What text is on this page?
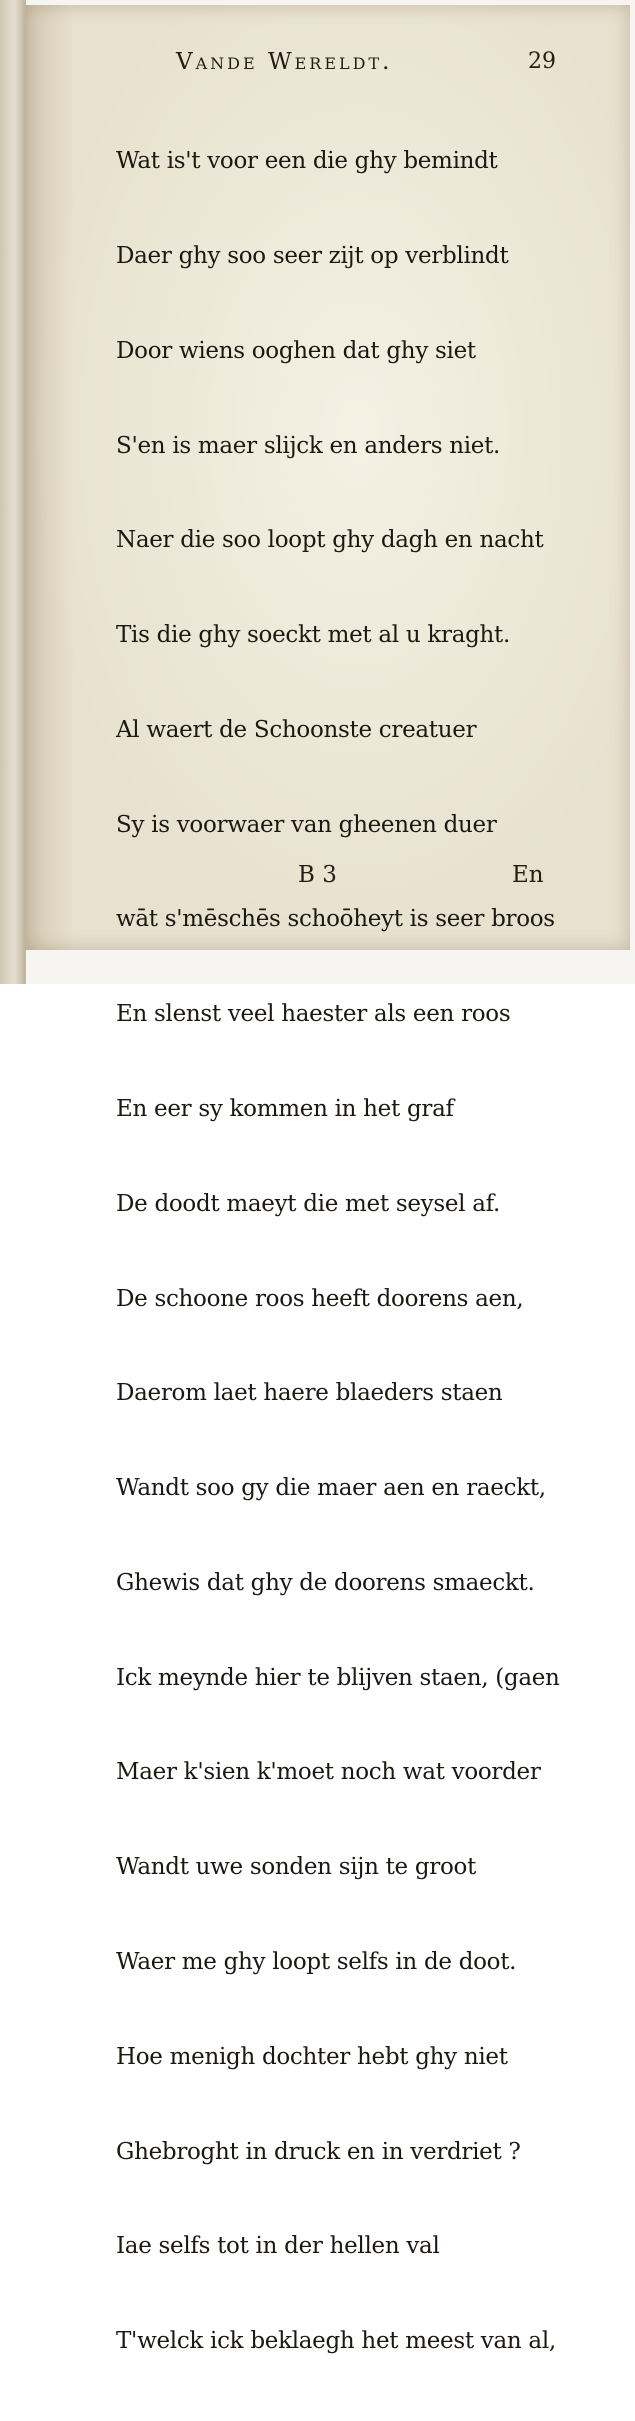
Vande Wereldt.	29

Wat is't voor een die ghy bemindt

Daer ghy soo seer zijt op verblindt

Door wiens ooghen dat ghy siet

S'en is maer slijck en anders niet.

Naer die soo loopt ghy dagh en nacht

Tis die ghy soeckt met al u kraght.

Al waert de Schoonste creatuer

Sy is voorwaer van gheenen duer

wāt s'mēschēs schoōheyt is seer broos

En slenst veel haester als een roos

En eer sy kommen in het graf

De doodt maeyt die met seysel af.

De schoone roos heeft doorens aen,

Daerom laet haere blaeders staen

Wandt soo gy die maer aen en raeckt,

Ghewis dat ghy de doorens smaeckt.

Ick meynde hier te blijven staen, (gaen

Maer k'sien k'moet noch wat voorder

Wandt uwe sonden sijn te groot

Waer me ghy loopt selfs in de doot.

Hoe menigh dochter hebt ghy niet

Ghebroght in druck en in verdriet ?

Iae selfs tot in der hellen val

T'welck ick beklaegh het meest van al,

B 3	En
